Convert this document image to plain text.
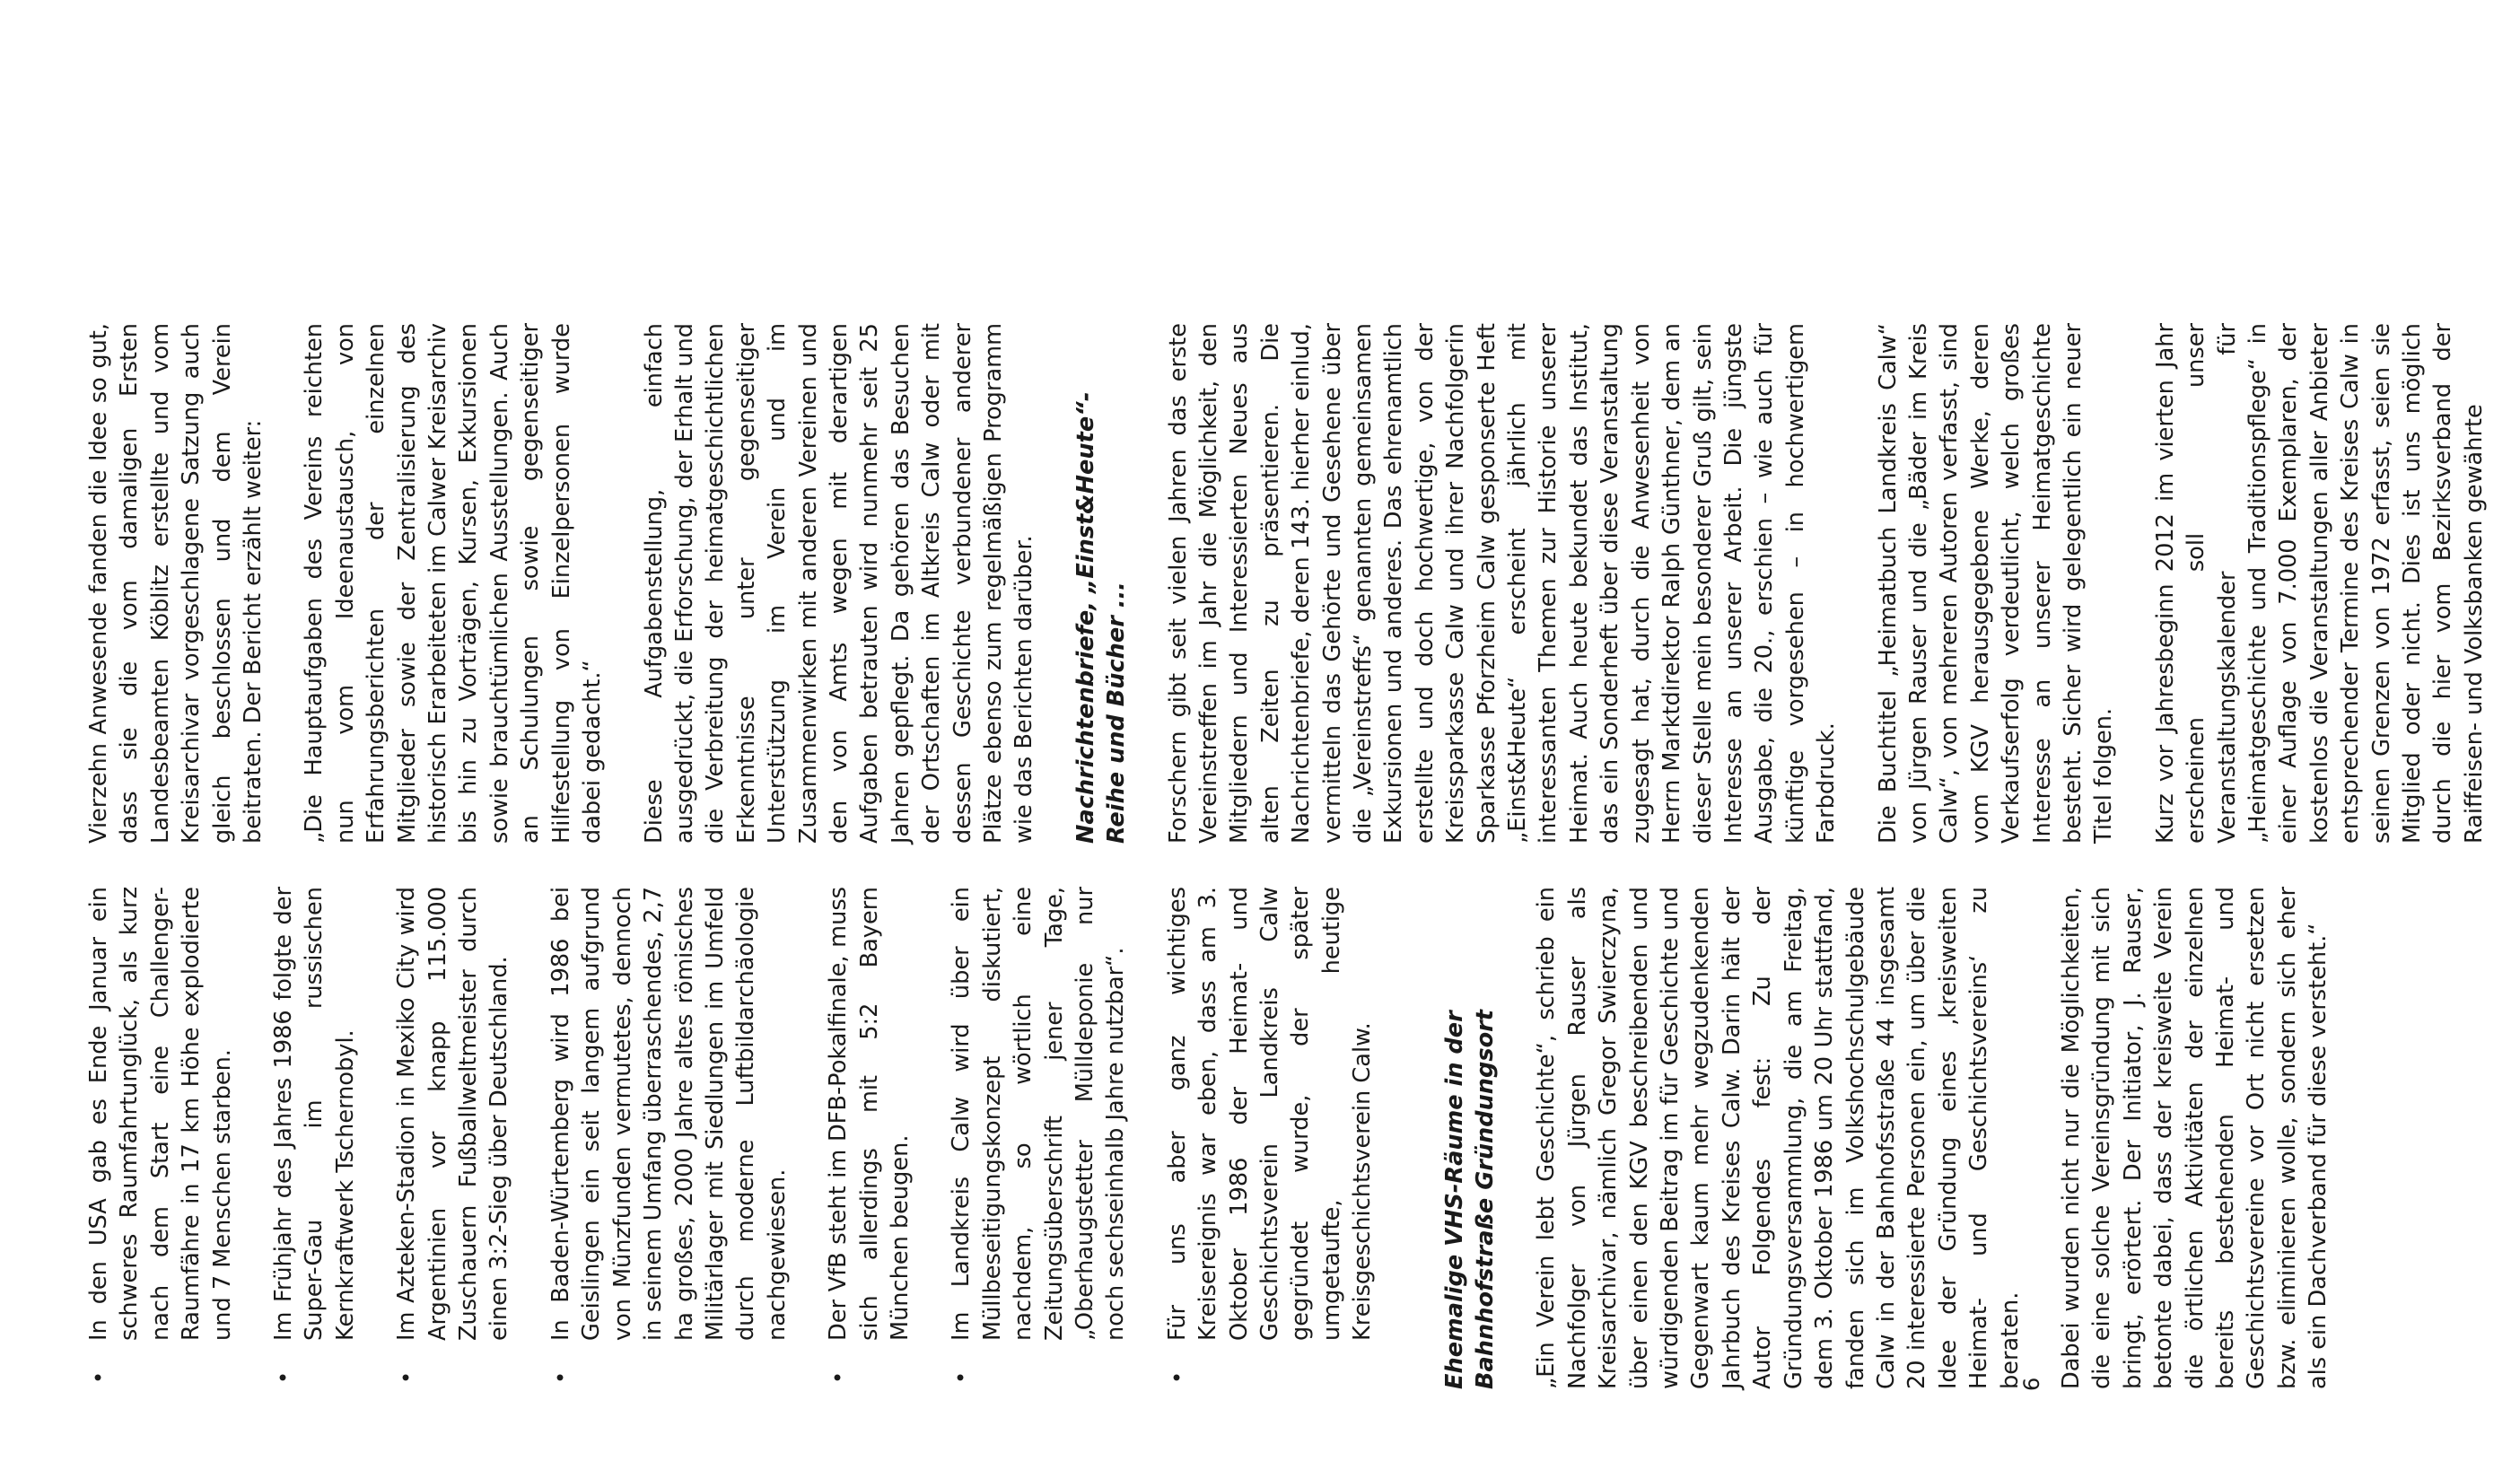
•
In den USA gab es Ende Januar ein schweres Raumfahrtunglück, als kurz nach dem Start eine Challenger-Raumfähre in 17 km Höhe explodierte und 7 Menschen starben.
•
Im Frühjahr des Jahres 1986 folgte der Super-Gau im russischen Kernkraftwerk Tschernobyl.
•
Im Azteken-Stadion in Mexiko City wird Argentinien vor knapp 115.000 Zuschauern Fußballweltmeister durch einen 3:2-Sieg über Deutschland.
•
In Baden-Würtemberg wird 1986 bei Geislingen ein seit langem aufgrund von Münzfunden vermutetes, dennoch in seinem Umfang überraschendes, 2,7 ha großes, 2000 Jahre altes römisches Militärlager mit Siedlungen im Umfeld durch moderne Luftbildarchäologie nachgewiesen.
•
Der VfB steht im DFB-Pokalfinale, muss sich allerdings mit 5:2 Bayern München beugen.
•
Im Landkreis Calw wird über ein Müllbeseitigungskonzept diskutiert, nachdem, so wörtlich eine Zeitungsüberschrift jener Tage, „Oberhaugstetter Mülldeponie nur noch sechseinhalb Jahre nutzbar“.
•
Für uns aber ganz wichtiges Kreisereignis war eben, dass am 3. Oktober 1986 der Heimat- und Geschichtsverein Landkreis Calw gegründet wurde, der später umgetaufte, heutige Kreisgeschichtsverein Calw.	Ehemalige VHS-Räume in der Bahnhofstraße Gründungsort „Ein Verein lebt Geschichte“, schrieb ein Nachfolger von Jürgen Rauser als Kreisarchivar, nämlich Gregor Swierczyna, über einen den KGV beschreibenden und würdigenden Beitrag im für Geschichte und Gegenwart kaum mehr wegzudenkenden Jahrbuch des Kreises Calw. Darin hält der Autor Folgendes fest: Zu der Gründungsversammlung, die am Freitag, dem 3. Oktober 1986 um 20 Uhr stattfand, fanden sich im Volkshochschulgebäude Calw in der Bahnhofsstraße 44 insgesamt 20 interessierte Personen ein, um über die Idee der Gründung eines ‚kreisweiten Heimat- und Geschichtsvereins‘ zu beraten. Dabei wurden nicht nur die Möglichkeiten, die eine solche Vereinsgründung mit sich bringt, erörtert. Der Initiator, J. Rauser, betonte dabei, dass der kreisweite Verein die örtlichen Aktivitäten der einzelnen bereits bestehenden Heimat- und Geschichtsvereine vor Ort nicht ersetzen bzw. eliminieren wolle, sondern sich eher als ein Dachverband für diese versteht.“

Vierzehn Anwesende fanden die Idee so gut, dass sie die vom damaligen Ersten Landesbeamten Köblitz erstellte und vom Kreisarchivar vorgeschlagene Satzung auch gleich beschlossen und dem Verein beitraten. Der Bericht erzählt weiter: „Die Hauptaufgaben des Vereins reichten nun vom Ideenaustausch, von Erfahrungsberichten der einzelnen Mitglieder sowie der Zentralisierung des historisch Erarbeiteten im Calwer Kreisarchiv bis hin zu Vorträgen, Kursen, Exkursionen sowie brauchtümlichen Ausstellungen. Auch an Schulungen sowie gegenseitiger Hilfestellung von Einzelpersonen wurde dabei gedacht.“ Diese Aufgabenstellung, einfach ausgedrückt, die Erforschung, der Erhalt und die Verbreitung der heimatgeschichtlichen Erkenntnisse unter gegenseitiger Unterstützung im Verein und im Zusammenwirken mit anderen Vereinen und den von Amts wegen mit derartigen Aufgaben betrauten wird nunmehr seit 25 Jahren gepflegt. Da gehören das Besuchen der Ortschaften im Altkreis Calw oder mit dessen Geschichte verbundener anderer Plätze ebenso zum regelmäßigen Programm wie das Berichten darüber. Nachrichtenbriefe, „Einst&Heute“-Reihe und Bücher ... Forschern gibt seit vielen Jahren das erste Vereinstreffen im Jahr die Möglichkeit, den Mitgliedern und Interessierten Neues aus alten Zeiten zu präsentieren. Die Nachrichtenbriefe, deren 143. hierher einlud, vermitteln das Gehörte und Gesehene über die „Vereinstreffs“ genannten gemeinsamen Exkursionen und anderes. Das ehrenamtlich erstellte und doch hochwertige, von der Kreissparkasse Calw und ihrer Nachfolgerin Sparkasse Pforzheim Calw gesponserte Heft „Einst&Heute“ erscheint jährlich mit interessanten Themen zur Historie unserer Heimat. Auch heute bekundet das Institut, das ein Sonderheft über diese Veranstaltung zugesagt hat, durch die Anwesenheit von Herrn Marktdirektor Ralph Günthner, dem an dieser Stelle mein besonderer Gruß gilt, sein Interesse an unserer Arbeit. Die jüngste Ausgabe, die 20., erschien – wie auch für künftige vorgesehen – in hochwertigem Farbdruck. Die Buchtitel „Heimatbuch Landkreis Calw“ von Jürgen Rauser und die „Bäder im Kreis Calw“, von mehreren Autoren verfasst, sind vom KGV herausgegebene Werke, deren Verkaufserfolg verdeutlicht, welch großes Interesse an unserer Heimatgeschichte besteht. Sicher wird gelegentlich ein neuer Titel folgen. Kurz vor Jahresbeginn 2012 im vierten Jahr erscheinen soll unser Veranstaltungskalender für „Heimatgeschichte und Traditionspflege“ in einer Auflage von 7.000 Exemplaren, der kostenlos die Veranstaltungen aller Anbieter entsprechender Termine des Kreises Calw in seinen Grenzen von 1972 erfasst, seien sie Mitglied oder nicht. Dies ist uns möglich durch die hier vom Bezirksverband der Raiffeisen- und Volksbanken gewährte

6
